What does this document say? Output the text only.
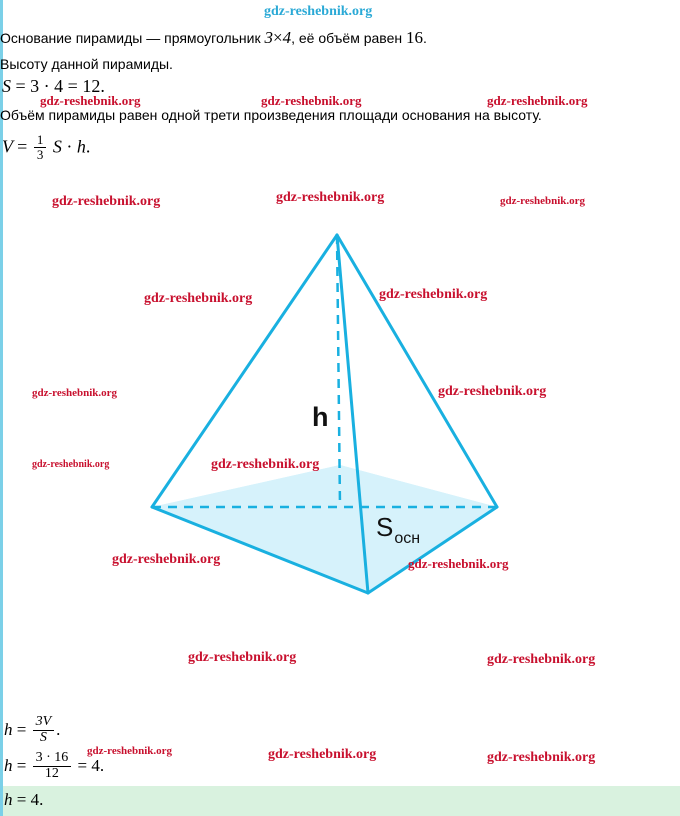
gdz-reshebnik.org
Основание пирамиды — прямоугольник 3×4, её объём равен 16.
Высоту данной пирамиды.
S = 3 · 4 = 12.
Объём пирамиды равен одной трети произведения площади основания на высоту.
$V = \frac{1}{3}$ S · h.
h
$S_{осн}$
$h = \frac{3V}{S}$ .
$h = \frac{3 \cdot 16}{12} = 4$.
h = 4.
gdz-reshebnik.org	gdz-reshebnik.org	gdz-reshebnik.org
gdz-reshebnik.org	gdz-reshebnik.org	gdz-reshebnik.org
gdz-reshebnik.org	gdz-reshebnik.org
gdz-reshebnik.org	gdz-reshebnik.org
gdz-reshebnik.org	gdz-reshebnik.org
gdz-reshebnik.org	gdz-reshebnik.org
gdz-reshebnik.org	gdz-reshebnik.org
gdz-reshebnik.org	gdz-reshebnik.org	gdz-reshebnik.org
